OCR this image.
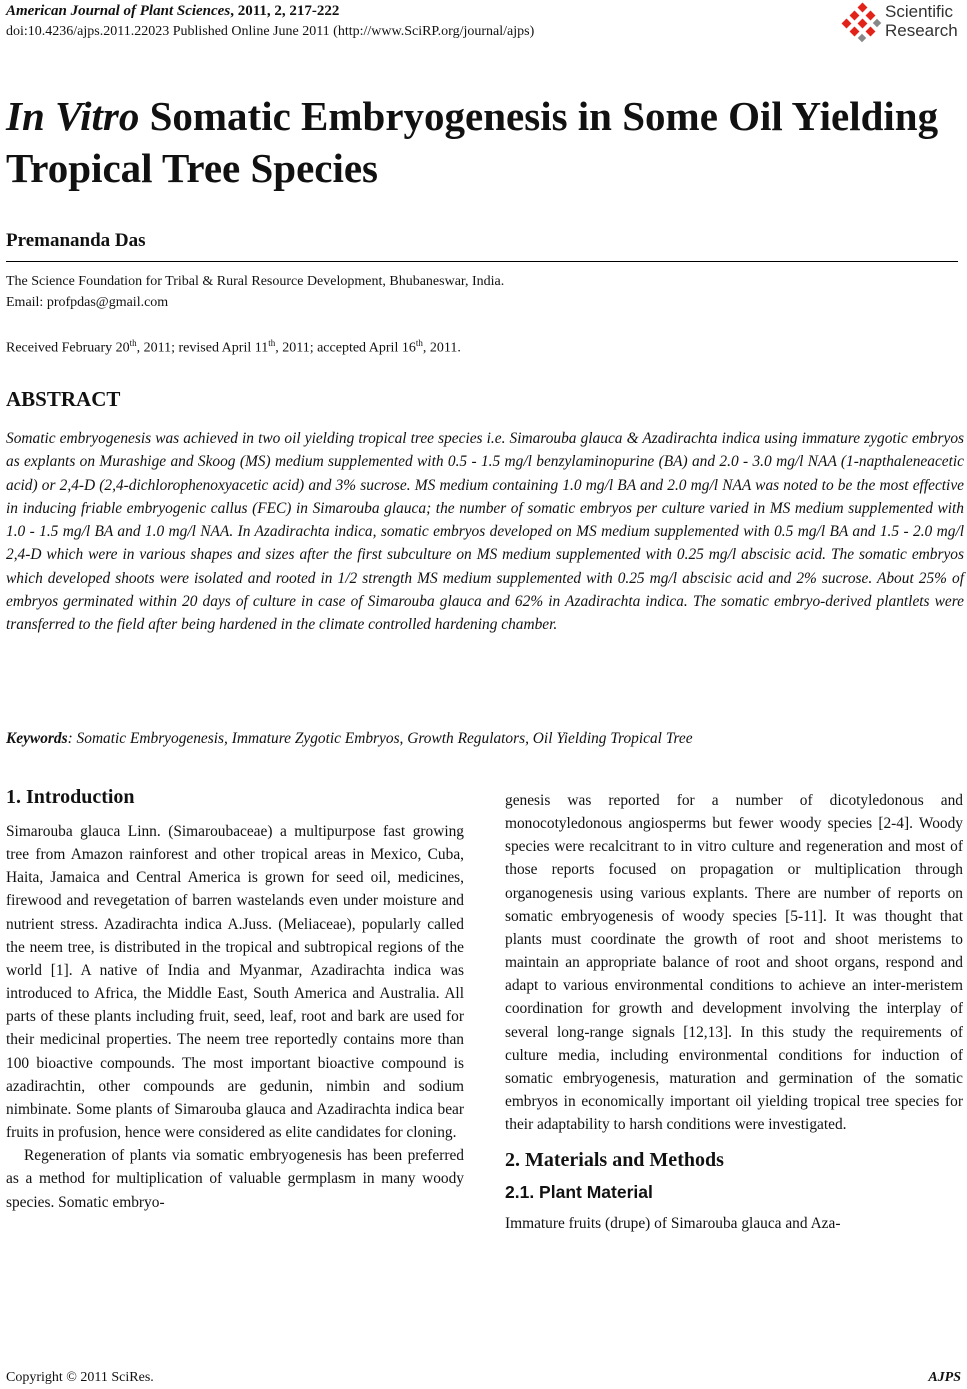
American Journal of Plant Sciences, 2011, 2, 217-222
doi:10.4236/ajps.2011.22023 Published Online June 2011 (http://www.SciRP.org/journal/ajps)
Scientific
Research
In Vitro Somatic Embryogenesis in Some Oil Yielding Tropical Tree Species
Premananda Das
The Science Foundation for Tribal & Rural Resource Development, Bhubaneswar, India.
Email: profpdas@gmail.com
Received February 20th, 2011; revised April 11th, 2011; accepted April 16th, 2011.
ABSTRACT

Somatic embryogenesis was achieved in two oil yielding tropical tree species i.e. Simarouba glauca & Azadirachta indica using immature zygotic embryos as explants on Murashige and Skoog (MS) medium supplemented with 0.5 - 1.5 mg/l benzylaminopurine (BA) and 2.0 - 3.0 mg/l NAA (1-napthaleneacetic acid) or 2,4-D (2,4-dichlorophenoxyacetic acid) and 3% sucrose. MS medium containing 1.0 mg/l BA and 2.0 mg/l NAA was noted to be the most effective in inducing friable embryogenic callus (FEC) in Simarouba glauca; the number of somatic embryos per culture varied in MS medium supplemented with 1.0 - 1.5 mg/l BA and 1.0 mg/l NAA. In Azadirachta indica, somatic embryos developed on MS medium supplemented with 0.5 mg/l BA and 1.5 - 2.0 mg/l 2,4-D which were in various shapes and sizes after the first subculture on MS medium supplemented with 0.25 mg/l abscisic acid. The somatic embryos which developed shoots were isolated and rooted in 1/2 strength MS medium supplemented with 0.25 mg/l abscisic acid and 2% sucrose. About 25% of embryos germinated within 20 days of culture in case of Simarouba glauca and 62% in Azadirachta indica. The somatic embryo-derived plantlets were transferred to the field after being hardened in the climate controlled hardening chamber.

Keywords: Somatic Embryogenesis, Immature Zygotic Embryos, Growth Regulators, Oil Yielding Tropical Tree
1. Introduction

Simarouba glauca Linn. (Simaroubaceae) a multipurpose fast growing tree from Amazon rainforest and other tropical areas in Mexico, Cuba, Haita, Jamaica and Central America is grown for seed oil, medicines, firewood and revegetation of barren wastelands even under moisture and nutrient stress. Azadirachta indica A.Juss. (Meliaceae), popularly called the neem tree, is distributed in the tropical and subtropical regions of the world [1]. A native of India and Myanmar, Azadirachta indica was introduced to Africa, the Middle East, South America and Australia. All parts of these plants including fruit, seed, leaf, root and bark are used for their medicinal properties. The neem tree reportedly contains more than 100 bioactive compounds. The most important bioactive compound is azadirachtin, other compounds are gedunin, nimbin and sodium nimbinate. Some plants of Simarouba glauca and Azadirachta indica bear fruits in profusion, hence were considered as elite candidates for cloning.

Regeneration of plants via somatic embryogenesis has been preferred as a method for multiplication of valuable germplasm in many woody species. Somatic embryo-

genesis was reported for a number of dicotyledonous and monocotyledonous angiosperms but fewer woody species [2-4]. Woody species were recalcitrant to in vitro culture and regeneration and most of those reports focused on propagation or multiplication through organogenesis using various explants. There are number of reports on somatic embryogenesis of woody species [5-11]. It was thought that plants must coordinate the growth of root and shoot meristems to maintain an appropriate balance of root and shoot organs, respond and adapt to various environmental conditions to achieve an inter-meristem coordination for growth and development involving the interplay of several long-range signals [12,13]. In this study the requirements of culture media, including environmental conditions for induction of somatic embryogenesis, maturation and germination of the somatic embryos in economically important oil yielding tropical tree species for their adaptability to harsh conditions were investigated.

2. Materials and Methods
2.1. Plant Material

Immature fruits (drupe) of Simarouba glauca and Aza-

Copyright © 2011 SciRes.	AJPS
